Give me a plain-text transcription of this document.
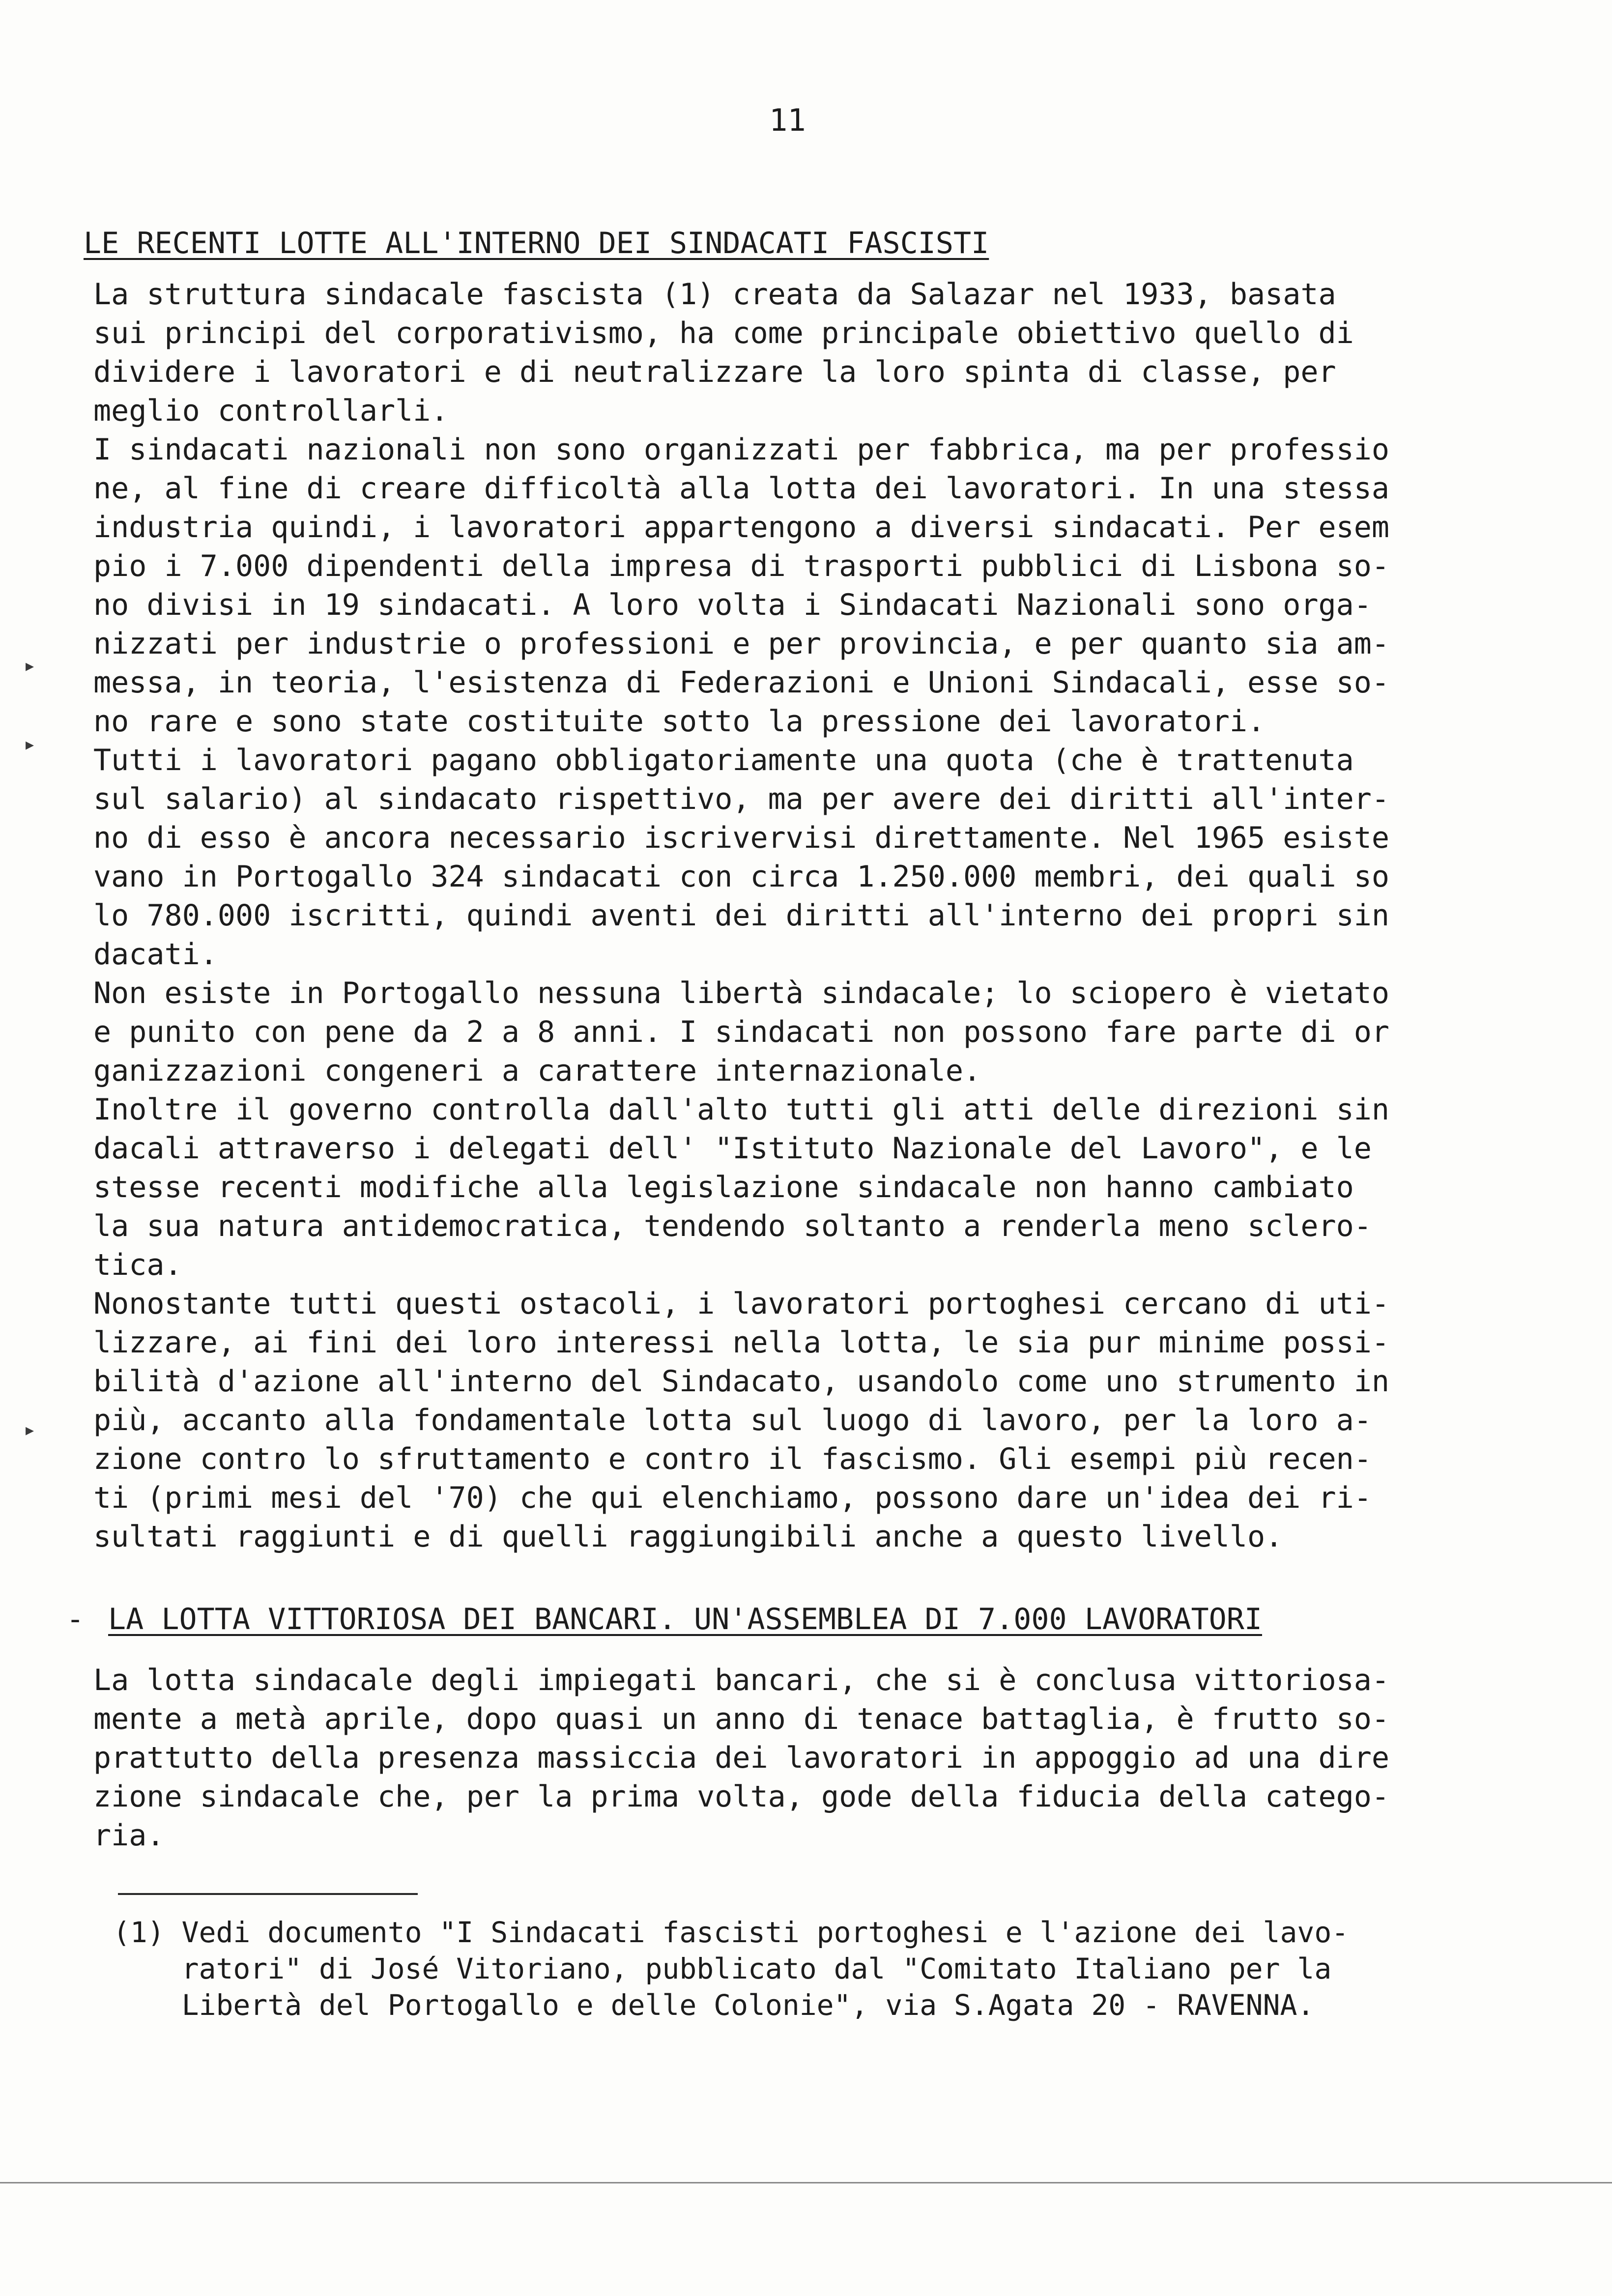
11
LE RECENTI LOTTE ALL'INTERNO DEI SINDACATI FASCISTI
La struttura sindacale fascista (1) creata da Salazar nel 1933, basata
sui principi del corporativismo, ha come principale obiettivo quello di
dividere i lavoratori e di neutralizzare la loro spinta di classe, per
meglio controllarli.
I sindacati nazionali non sono organizzati per fabbrica, ma per professio
ne, al fine di creare difficoltà alla lotta dei lavoratori. In una stessa
industria quindi, i lavoratori appartengono a diversi sindacati. Per esem
pio i 7.000 dipendenti della impresa di trasporti pubblici di Lisbona so-
no divisi in 19 sindacati. A loro volta i Sindacati Nazionali sono orga-
nizzati per industrie o professioni e per provincia, e per quanto sia am-
messa, in teoria, l'esistenza di Federazioni e Unioni Sindacali, esse so-
no rare e sono state costituite sotto la pressione dei lavoratori.
Tutti i lavoratori pagano obbligatoriamente una quota (che è trattenuta
sul salario) al sindacato rispettivo, ma per avere dei diritti all'inter-
no di esso è ancora necessario iscrivervisi direttamente. Nel 1965 esiste
vano in Portogallo 324 sindacati con circa 1.250.000 membri, dei quali so
lo 780.000 iscritti, quindi aventi dei diritti all'interno dei propri sin
dacati.
Non esiste in Portogallo nessuna libertà sindacale; lo sciopero è vietato
e punito con pene da 2 a 8 anni. I sindacati non possono fare parte di or
ganizzazioni congeneri a carattere internazionale.
Inoltre il governo controlla dall'alto tutti gli atti delle direzioni sin
dacali attraverso i delegati dell' "Istituto Nazionale del Lavoro", e le
stesse recenti modifiche alla legislazione sindacale non hanno cambiato
la sua natura antidemocratica, tendendo soltanto a renderla meno sclero-
tica.
Nonostante tutti questi ostacoli, i lavoratori portoghesi cercano di uti-
lizzare, ai fini dei loro interessi nella lotta, le sia pur minime possi-
bilità d'azione all'interno del Sindacato, usandolo come uno strumento in
più, accanto alla fondamentale lotta sul luogo di lavoro, per la loro a-
zione contro lo sfruttamento e contro il fascismo. Gli esempi più recen-
ti (primi mesi del '70) che qui elenchiamo, possono dare un'idea dei ri-
sultati raggiunti e di quelli raggiungibili anche a questo livello.
▸
▸
▸
- LA LOTTA VITTORIOSA DEI BANCARI. UN'ASSEMBLEA DI 7.000 LAVORATORI
La lotta sindacale degli impiegati bancari, che si è conclusa vittoriosa-
mente a metà aprile, dopo quasi un anno di tenace battaglia, è frutto so-
prattutto della presenza massiccia dei lavoratori in appoggio ad una dire
zione sindacale che, per la prima volta, gode della fiducia della catego-
ria.
(1) Vedi documento "I Sindacati fascisti portoghesi e l'azione dei lavo-
ratori" di José Vitoriano, pubblicato dal "Comitato Italiano per la
Libertà del Portogallo e delle Colonie", via S.Agata 20 - RAVENNA.
